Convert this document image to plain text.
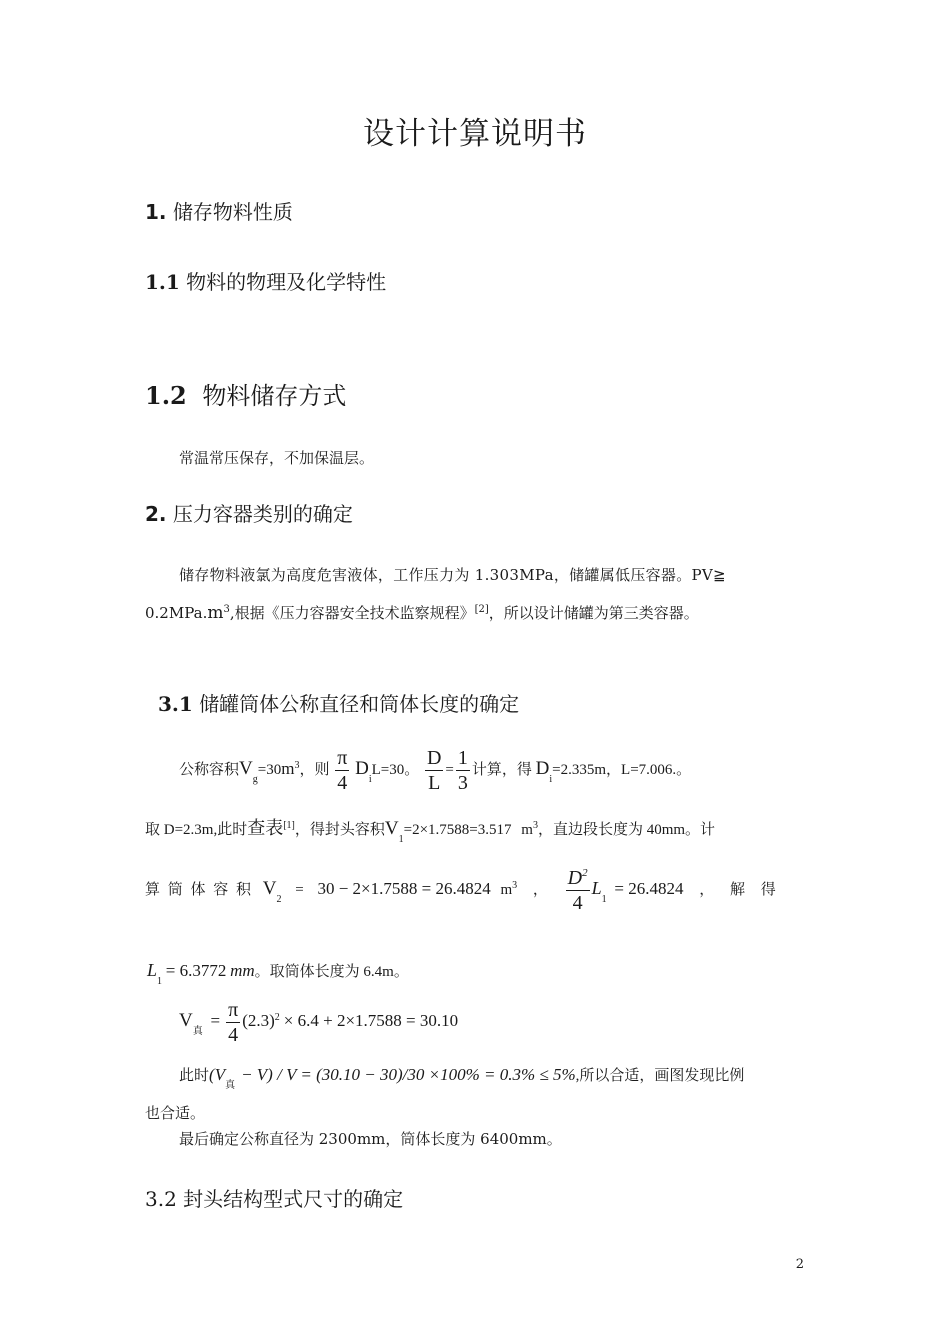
设计计算说明书
1. 储存物料性质
1.1 物料的物理及化学特性
1.2 物料储存方式
常温常压保存，不加保温层。
2. 压力容器类别的确定
储存物料液氯为高度危害液体，工作压力为 1.303MPa，储罐属低压容器。PV≧
$0.2MPa.m^3$,根据《压力容器安全技术监察规程》[2]，所以设计储罐为第三类容器。
3.1 储罐筒体公称直径和筒体长度的确定
公称容积$V_g=30m^3$，则 $\frac{\pi}{4} D_iL=30$。 $\frac{D}{L} = \frac{1}{3}$ 计算，得 $D_i=2.335m$，L=7.006.。
取 D=2.3m,此时查表[1]，得封头容积$V_1=2\times 1.7588=3.517$ $m^3$，直边段长度为 40mm。计
算 筒 体 容 积 $V_2 = 30 - 2\times 1.7588 = 26.4824$ $m^3$ ， $\frac{D^2}{4} L_1 = 26.4824$ ， 解 得
$L_1 = 6.3772$ mm。取筒体长度为 6.4m。
$V_真 = \frac{\pi}{4} (2.3)^2 \times 6.4 + 2\times 1.7588 = 30.10$
此时$(V_真- V) / V = (30.10 - 30)/30 \times 100\% = 0.3\% \le 5\%$,所以合适，画图发现比例
也合适。
最后确定公称直径为 2300mm，筒体长度为 6400mm。
3.2 封头结构型式尺寸的确定
2
